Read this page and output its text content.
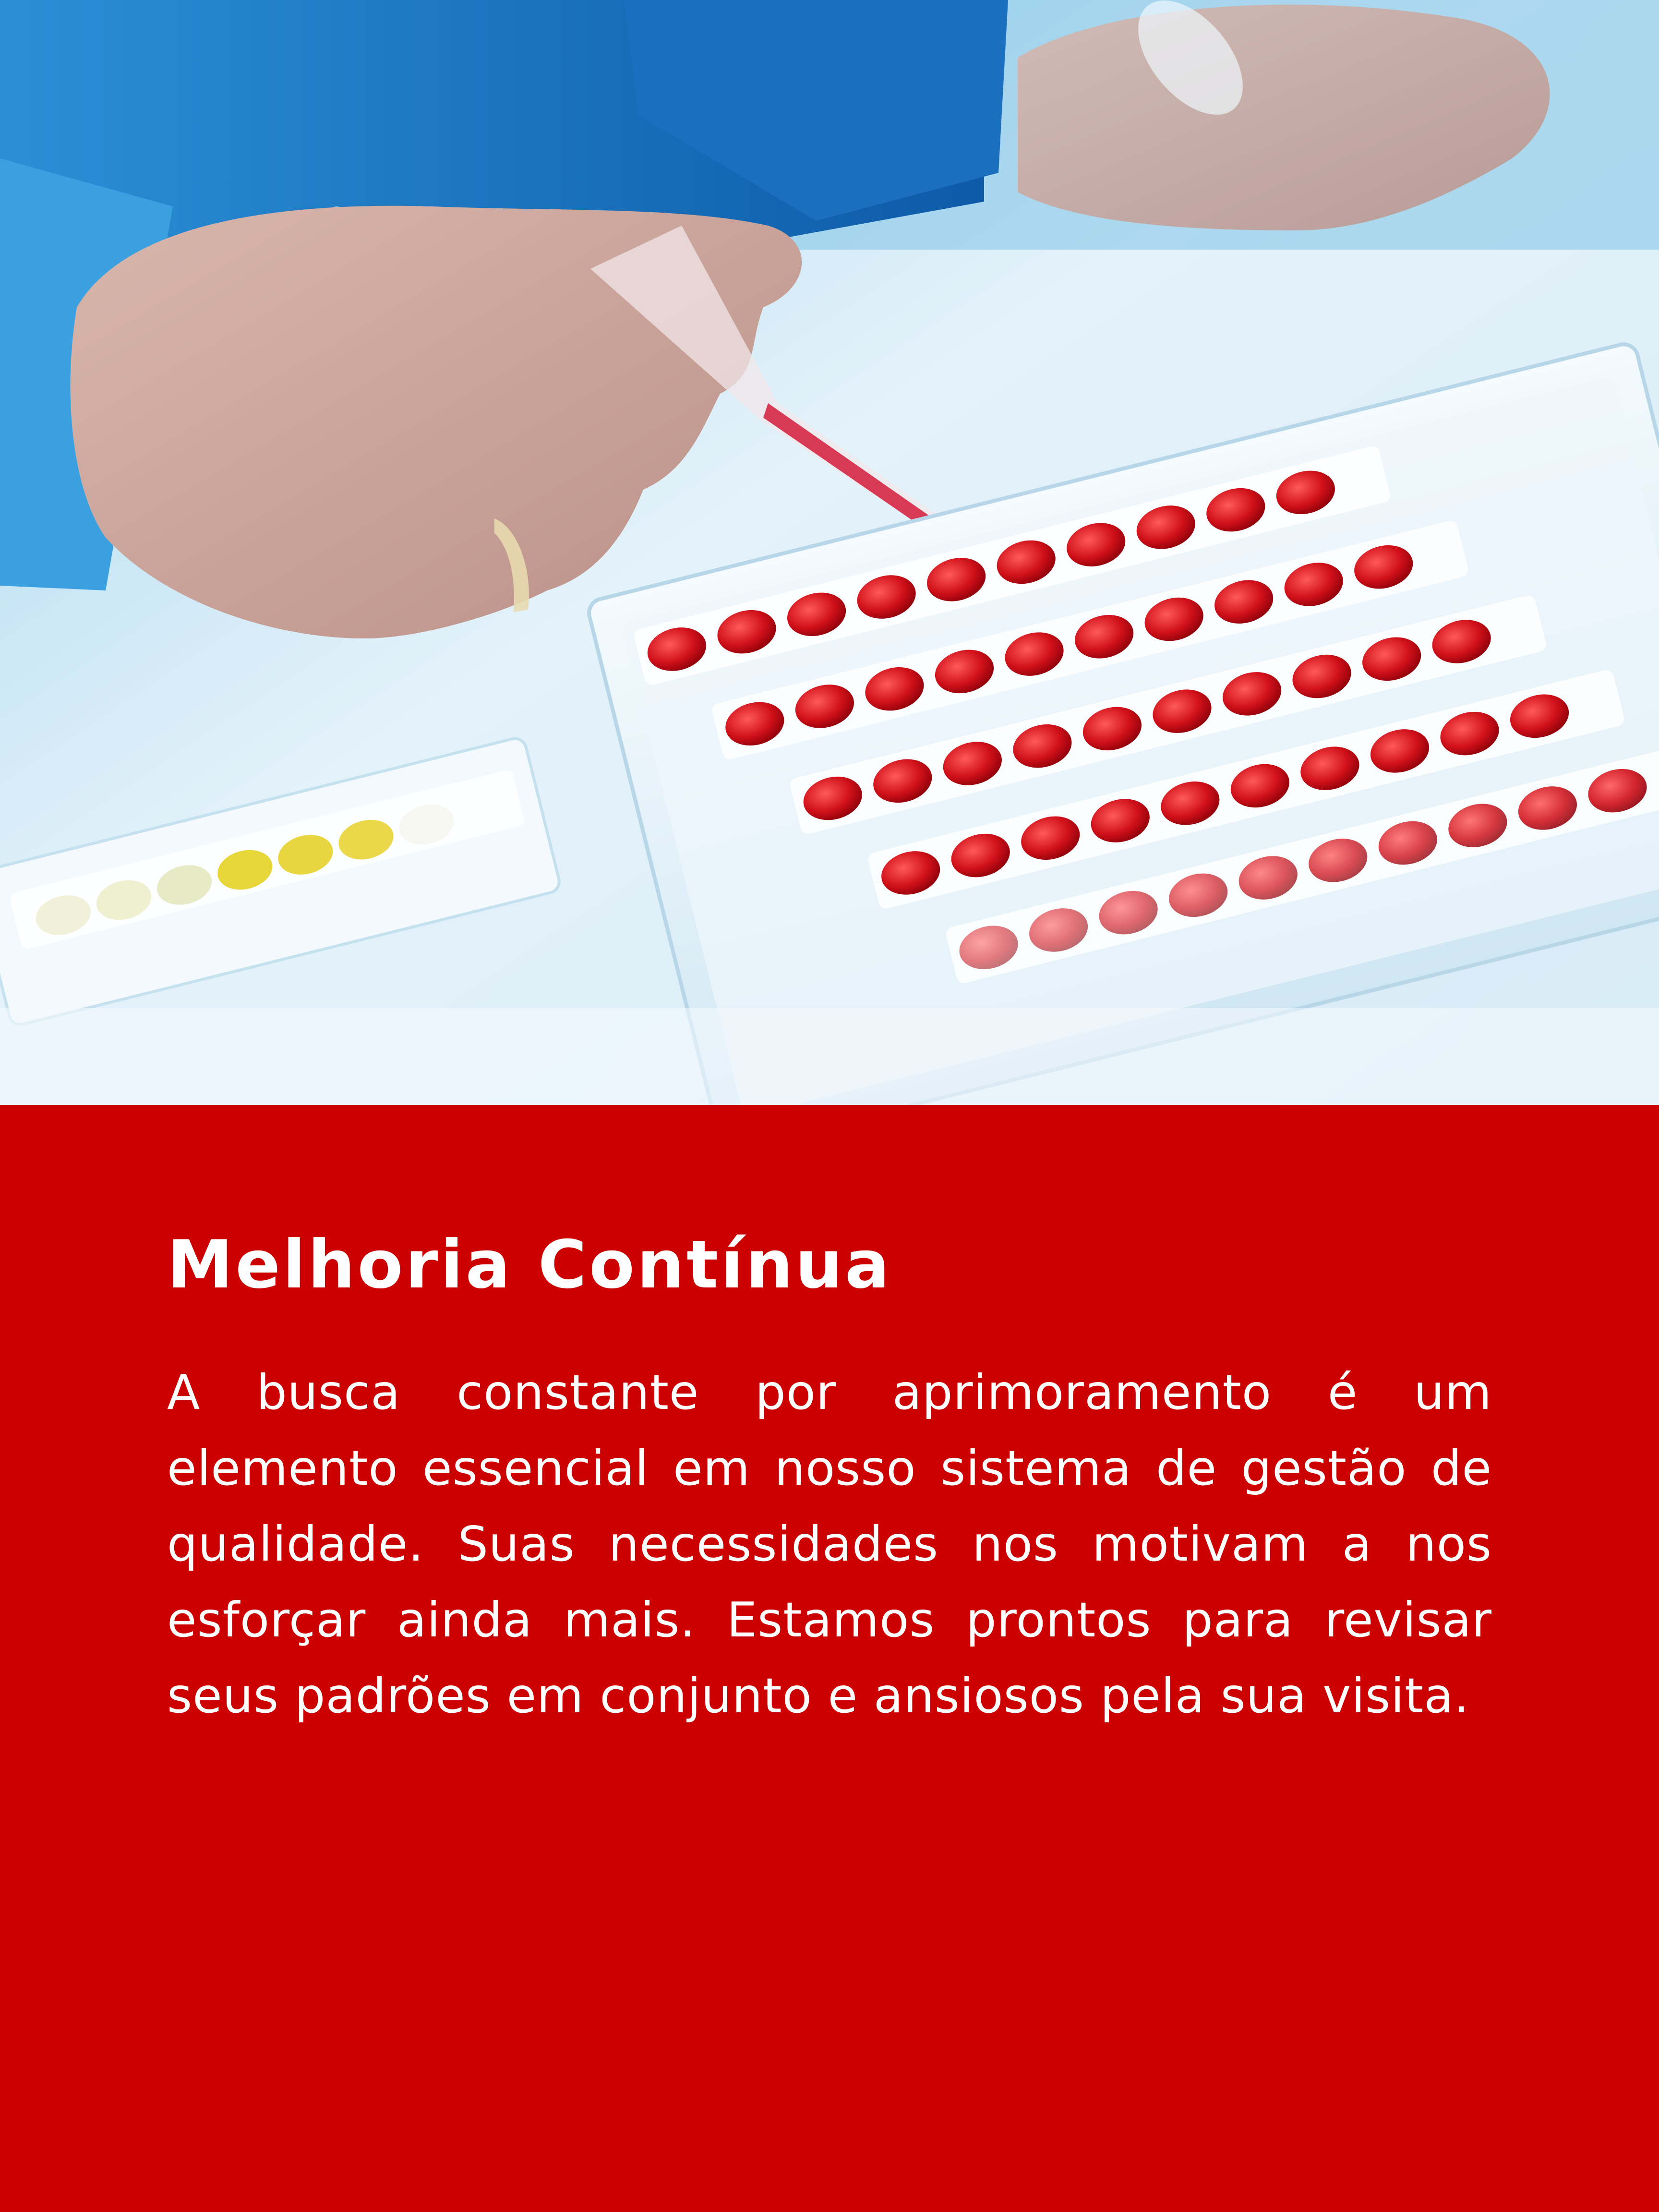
Melhoria Contínua

A busca constante por aprimoramento é um elemento essencial em nosso sistema de gestão de qualidade. Suas necessidades nos motivam a nos esforçar ainda mais. Estamos prontos para revisar seus padrões em conjunto e ansiosos pela sua visita.
